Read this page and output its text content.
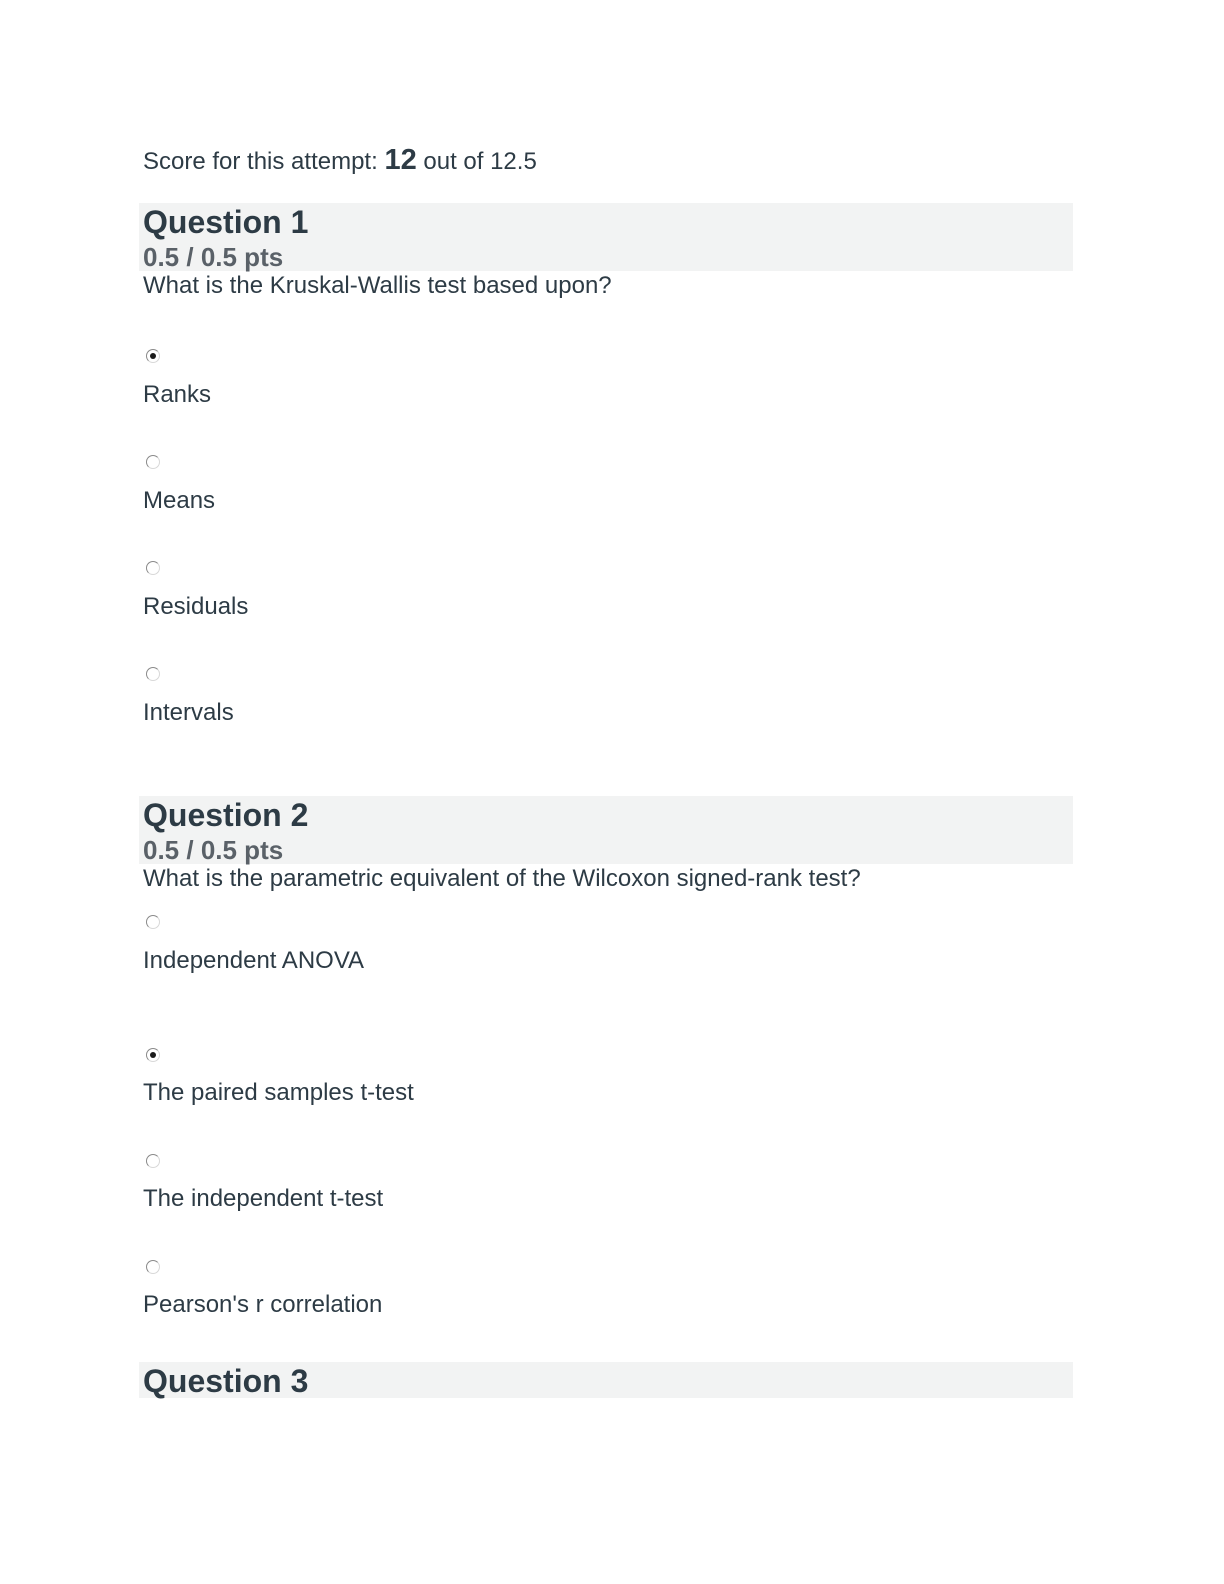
Score for this attempt: 12 out of 12.5
Question 1
0.5 / 0.5 pts
What is the Kruskal-Wallis test based upon?
Ranks
Means
Residuals
Intervals
Question 2
0.5 / 0.5 pts
What is the parametric equivalent of the Wilcoxon signed-rank test?
Independent ANOVA
The paired samples t-test
The independent t-test
Pearson's r correlation
Question 3
